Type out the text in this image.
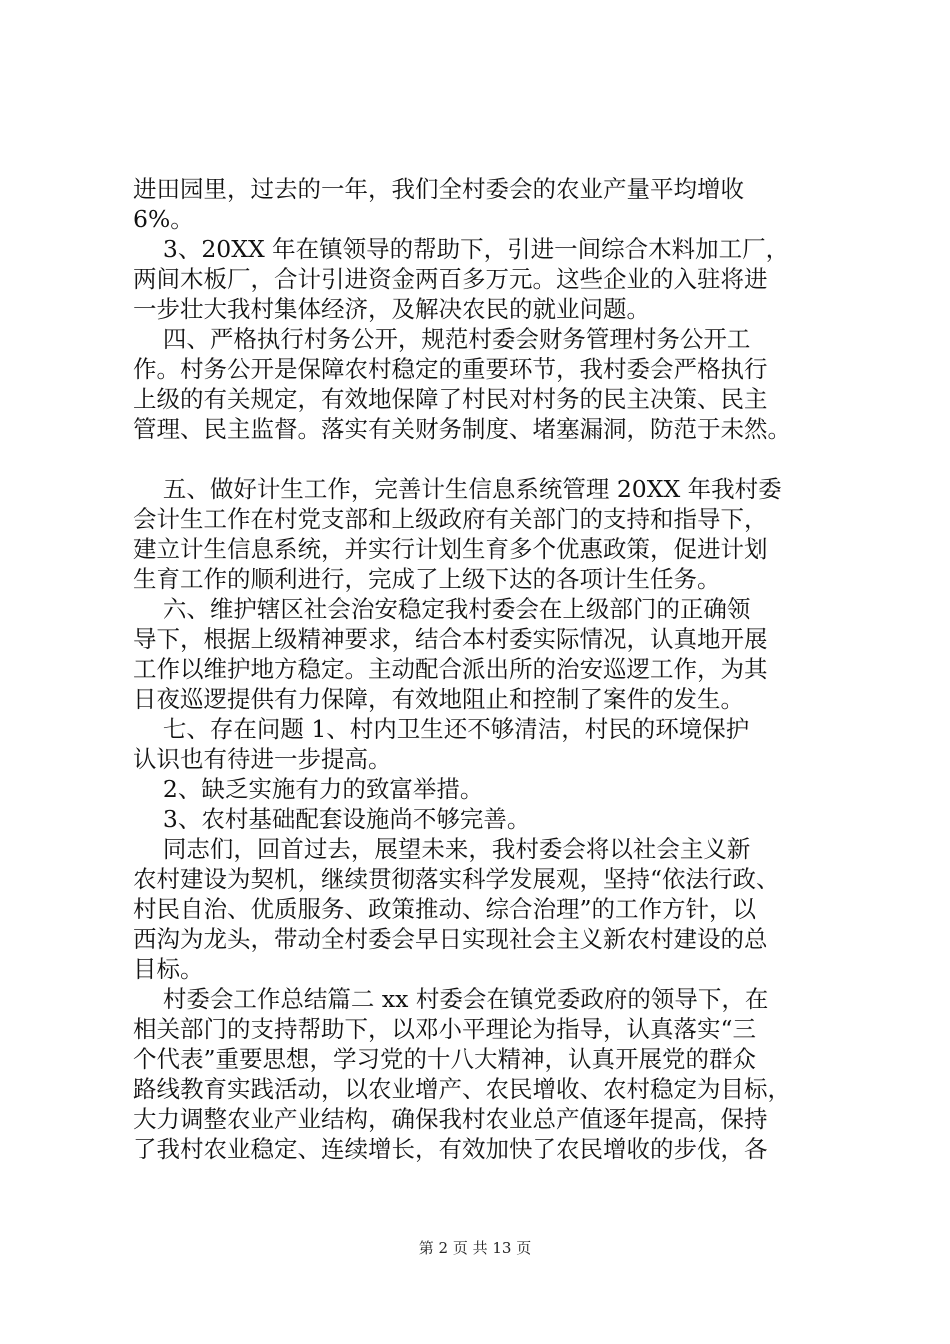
进田园里，过去的一年，我们全村委会的农业产量平均增收
6%。
3、20XX 年在镇领导的帮助下，引进一间综合木料加工厂，
两间木板厂，合计引进资金两百多万元。这些企业的入驻将进
一步壮大我村集体经济，及解决农民的就业问题。
四、严格执行村务公开，规范村委会财务管理村务公开工
作。村务公开是保障农村稳定的重要环节，我村委会严格执行
上级的有关规定，有效地保障了村民对村务的民主决策、民主
管理、民主监督。落实有关财务制度、堵塞漏洞，防范于未然。
五、做好计生工作，完善计生信息系统管理 20XX 年我村委
会计生工作在村党支部和上级政府有关部门的支持和指导下，
建立计生信息系统，并实行计划生育多个优惠政策，促进计划
生育工作的顺利进行，完成了上级下达的各项计生任务。
六、维护辖区社会治安稳定我村委会在上级部门的正确领
导下，根据上级精神要求，结合本村委实际情况，认真地开展
工作以维护地方稳定。主动配合派出所的治安巡逻工作，为其
日夜巡逻提供有力保障，有效地阻止和控制了案件的发生。
七、存在问题 1、村内卫生还不够清洁，村民的环境保护
认识也有待进一步提高。
2、缺乏实施有力的致富举措。
3、农村基础配套设施尚不够完善。
同志们，回首过去，展望未来，我村委会将以社会主义新
农村建设为契机，继续贯彻落实科学发展观，坚持“依法行政、
村民自治、优质服务、政策推动、综合治理”的工作方针，以
西沟为龙头，带动全村委会早日实现社会主义新农村建设的总
目标。
村委会工作总结篇二 xx 村委会在镇党委政府的领导下，在
相关部门的支持帮助下，以邓小平理论为指导，认真落实“三
个代表”重要思想，学习党的十八大精神，认真开展党的群众
路线教育实践活动，以农业增产、农民增收、农村稳定为目标，
大力调整农业产业结构，确保我村农业总产值逐年提高，保持
了我村农业稳定、连续增长，有效加快了农民增收的步伐，各
第 2 页 共 13 页
